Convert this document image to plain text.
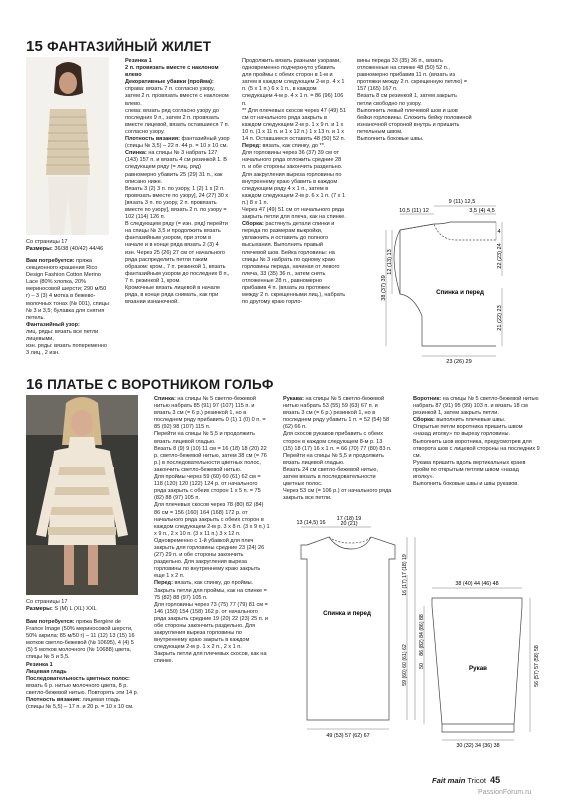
15 ФАНТАЗИЙНЫЙ ЖИЛЕТ
Со страницы 17
Размеры: 36/38 (40/42) 44/46

Вам потребуется: пряжа секционного крашения Rico Design Fashion Cotton Merino Lace (80% хлопка, 20% мериносовой шерсти; 290 м/50 г) – 3 (3) 4 мотка в бежево-молочных тонах (№ 001), спицы № 3 и 3,5; булавка для снятия петель.

Фантазийный узор:

лиц. ряды: вязать все петли лицевыми,

изн. ряды: вязать попеременно 3 лиц., 2 изн.

Резинка 1

2 п. провязать вместе с наклоном влево

Декоративные убавки (пройма):

справа: вязать 7 п. согласно узору, затем 2 п. провязать вместе с наклоном влево.

слева: вязать ряд согласно узору до последних 9 п., затем 2 п. провязать вместе лицевой, вязать оставшиеся 7 п. согласно узору.

Плотность вязания: фантазийный узор (спицы № 3,5) – 22 п. 44 р. = 10 х 10 см.

Спинка: на спицы № 3 набрать 127 (143) 157 п. и вязать 4 см резинкой 1. В следующем ряду (= лиц. ряд) равномерно убавить 25 (29) 31 п., как описано ниже.

Вязать 3 (2) 3 п. по узору, 1 (2) 1 х [2 п. провязать вместе по узору], 24 (27) 30 х [вязать 3 п. по узору, 2 п. провязать вместе по узору], вязать 2 п. по узору = 102 (114) 126 п.

В следующем ряду (= изн. ряд) перейти на спицы № 3,5 и продолжить вязать фантазийным узором, при этом в начале и в конце ряда вязать 2 (3) 4 изн. Через 25 (26) 27 см от начального ряда распределить петли таким образом: кром., 7 п. резинкой 1, вязать фантазийным узором до последних 8 п., 7 п. резинкой 1, кром.

Кромочные вязать лицевой в начале ряда, в конце ряда снимать, как при вязании изнаночной.

Продолжить вязать разными узорами, одновременно подчеркнуто убавить для проймы с обеих сторон в 1-м и затем в каждом следующем 2-м р. 4 х 1 п. (5 х 1 п.) 6 х 1 п., в каждом следующем 4-м р. 4 х 1 п. = 86 (96) 106 п.

** Для плечевых скосов через 47 (49) 51 см от начального ряда закрыть в каждом следующем 2-м р. 1 х 9 п. и 1 х 10 п. (1 х 11 п. и 1 х 12 п.) 1 х 13 п. и 1 х 14 п. Оставшиеся оставить 48 (50) 52 п.

Перед: вязать, как спинку, до **.

Для горловины через 36 (37) 39 см от начального ряда отложить средние 28 п. и обе стороны закончить раздельно. Для закругления выреза горловины по внутреннему краю убавить в каждом следующем ряду 4 х 1 п., затем в каждом следующем 2-м р. 6 х 1 п. (7 х 1 п.) 8 х 1 п.

Через 47 (49) 51 см от начального ряда закрыть петли для плеча, как на спинке.

Сборка: растянуть детали спинки и переда по размерам выкройки, увлажнить и оставить до полного высыхания. Выполнить правый плечевой шов. Бейка горловины: на спицы № 3 набрать по одному краю горловины переда, начиная от левого плеча, 33 (35) 36 п., затем снять отложенные 28 п., равномерно прибавив 4 п. (вязать из протяжек между 2 п. скрещенными лиц.), набрать по другому краю горло-

вины переда 33 (35) 36 п., вязать отложенные на спинке 48 (50) 52 п., равномерно прибавив 11 п. (вязать из протяжки между 2 п. скрещенную петлю) = 157 (165) 167 п.

Вязать 8 см резинкой 1, затем закрыть петли свободно по узору.

Выполнить левый плечевой шов и шов бейки горловины. Сложить бейку половиной изнаночной стороной внутрь и пришить петельным швом.

Выполнить боковые швы.

9 (11) 12,5
10,5 (11) 12	3,5 (4) 4,5
4
12 (13) 13
38 (37) 39
22 (23) 24
21 (22) 23
23 (26) 29
Спинка и перед
16 ПЛАТЬЕ С ВОРОТНИКОМ ГОЛЬФ
Со страницы 17
Размеры: S (M) L (XL) XXL

Вам потребуется: пряжа Bergère de France Image (50% мериносовой шерсти, 50% акрила; 85 м/50 г) – 11 (12) 13 (15) 16 мотков светло-бежевой (№ 10695), 4 (4) 5 (5) 5 мотков молочного (№ 10688) цвета, спицы № 5 и 5,5.

Резинка 1

Лицевая гладь

Последовательность цветных полос: вязать 6 р. нитью молочного цвета, 8 р. светло-бежевой нитью. Повторять эти 14 р.

Плотность вязания: лицевая гладь (спицы № 5,5) – 17 п. и 20 р. = 10 х 10 см.

Спинка: на спицы № 5 светло-бежевой нитью набрать 85 (91) 97 (107) 115 п. и вязать 3 см (= 6 р.) резинкой 1, но в последнем ряду прибавить 0 (1) 1 (0) 0 п. = 85 (92) 98 (107) 115 п.

Перейти на спицы № 5,5 и продолжить вязать лицевой гладью.

Вязать 8 (9) 9 (10) 11 см = 16 (18) 18 (20) 22 р. светло-бежевой нитью, затем 38 см (= 76 р.) в последовательности цветных полос, закончить светло-бежевой нитью.

Для проймы через 59 (60) 60 (61) 62 см = 118 (120) 120 (122) 124 р. от начального ряда закрыть с обеих сторон 1 х 5 п. = 75 (82) 88 (97) 105 п.

Для плечевых скосов через 78 (80) 82 (84) 86 см = 156 (160) 164 (168) 172 р. от начального ряда закрыть с обеих сторон в каждом следующем 2-м р. 3 х 8 п. (3 х 9 п.) 1 х 9 п., 2 х 10 п. (3 х 11 п.) 3 х 12 п.

Одновременно с 1-й убавкой для плеч закрыть для горловины средние 23 (24) 26 (27) 29 п. и обе стороны закончить раздельно. Для закругления выреза горловины по внутреннему краю закрыть еще 1 х 2 п.

Перед: вязать, как спинку, до проймы. Закрыть петли для проймы, как на спинке = 75 (82) 88 (97) 105 п.

Для горловины через 73 (75) 77 (79) 81 см = 146 (150) 154 (158) 162 р. от начального ряда закрыть средние 19 (20) 22 (23) 25 п. и обе стороны закончить раздельно. Для закругления выреза горловины по внутреннему краю закрыть в каждом следующем 2-м р. 1 х 2 п., 2 х 1 п.

Закрыть петли для плечевых скосов, как на спинке.

Рукава: на спицы № 5 светло-бежевой нитью набрать 53 (55) 59 (63) 67 п. и вязать 3 см (= 6 р.) резинкой 1, но в последнем ряду убавить 1 п. = 52 (54) 58 (62) 66 п.

Для скосов рукавов прибавить с обеих сторон в каждом следующем 8-м р. 13 (15) 18 (17) 16 х 1 п. = 66 (70) 77 (80) 83 п.

Перейти на спицы № 5,5 и продолжить вязать лицевой гладью.

Вязать 24 см светло-бежевой нитью, затем вязать в последовательности цветных полос.

Через 53 см (= 106 р.) от начального ряда закрыть все петли.

Воротник: на спицы № 5 светло-бежевой нитью набрать 87 (91) 95 (99) 103 п. и вязать 18 см резинкой 1, затем закрыть петли.

Сборка: выполнить плечевые швы.

Открытые петли воротника пришить швом «назад иголку» по вырезу горловины.

Выполнить шов воротника, предусмотрев для отворота шов с лицевой стороны на последних 9 см.

Рукава пришить вдоль вертикальных краев пройм по открытым петлям швом «назад иголку».

Выполнить боковые швы и швы рукавов.

13 (14,5) 16
17 (18) 19
20 (21)
16 (17) 17 (18) 19
86 (82) 84 (86) 88
59 (60) 60 (61) 62
49 (53) 57 (62) 67
Спинка и перед
38 (40) 44 (46) 48
50	56 (57) 57 (58) 58
30 (32) 34 (36) 38
Рукав
Fait main Tricot 45
PassionForum.ru
